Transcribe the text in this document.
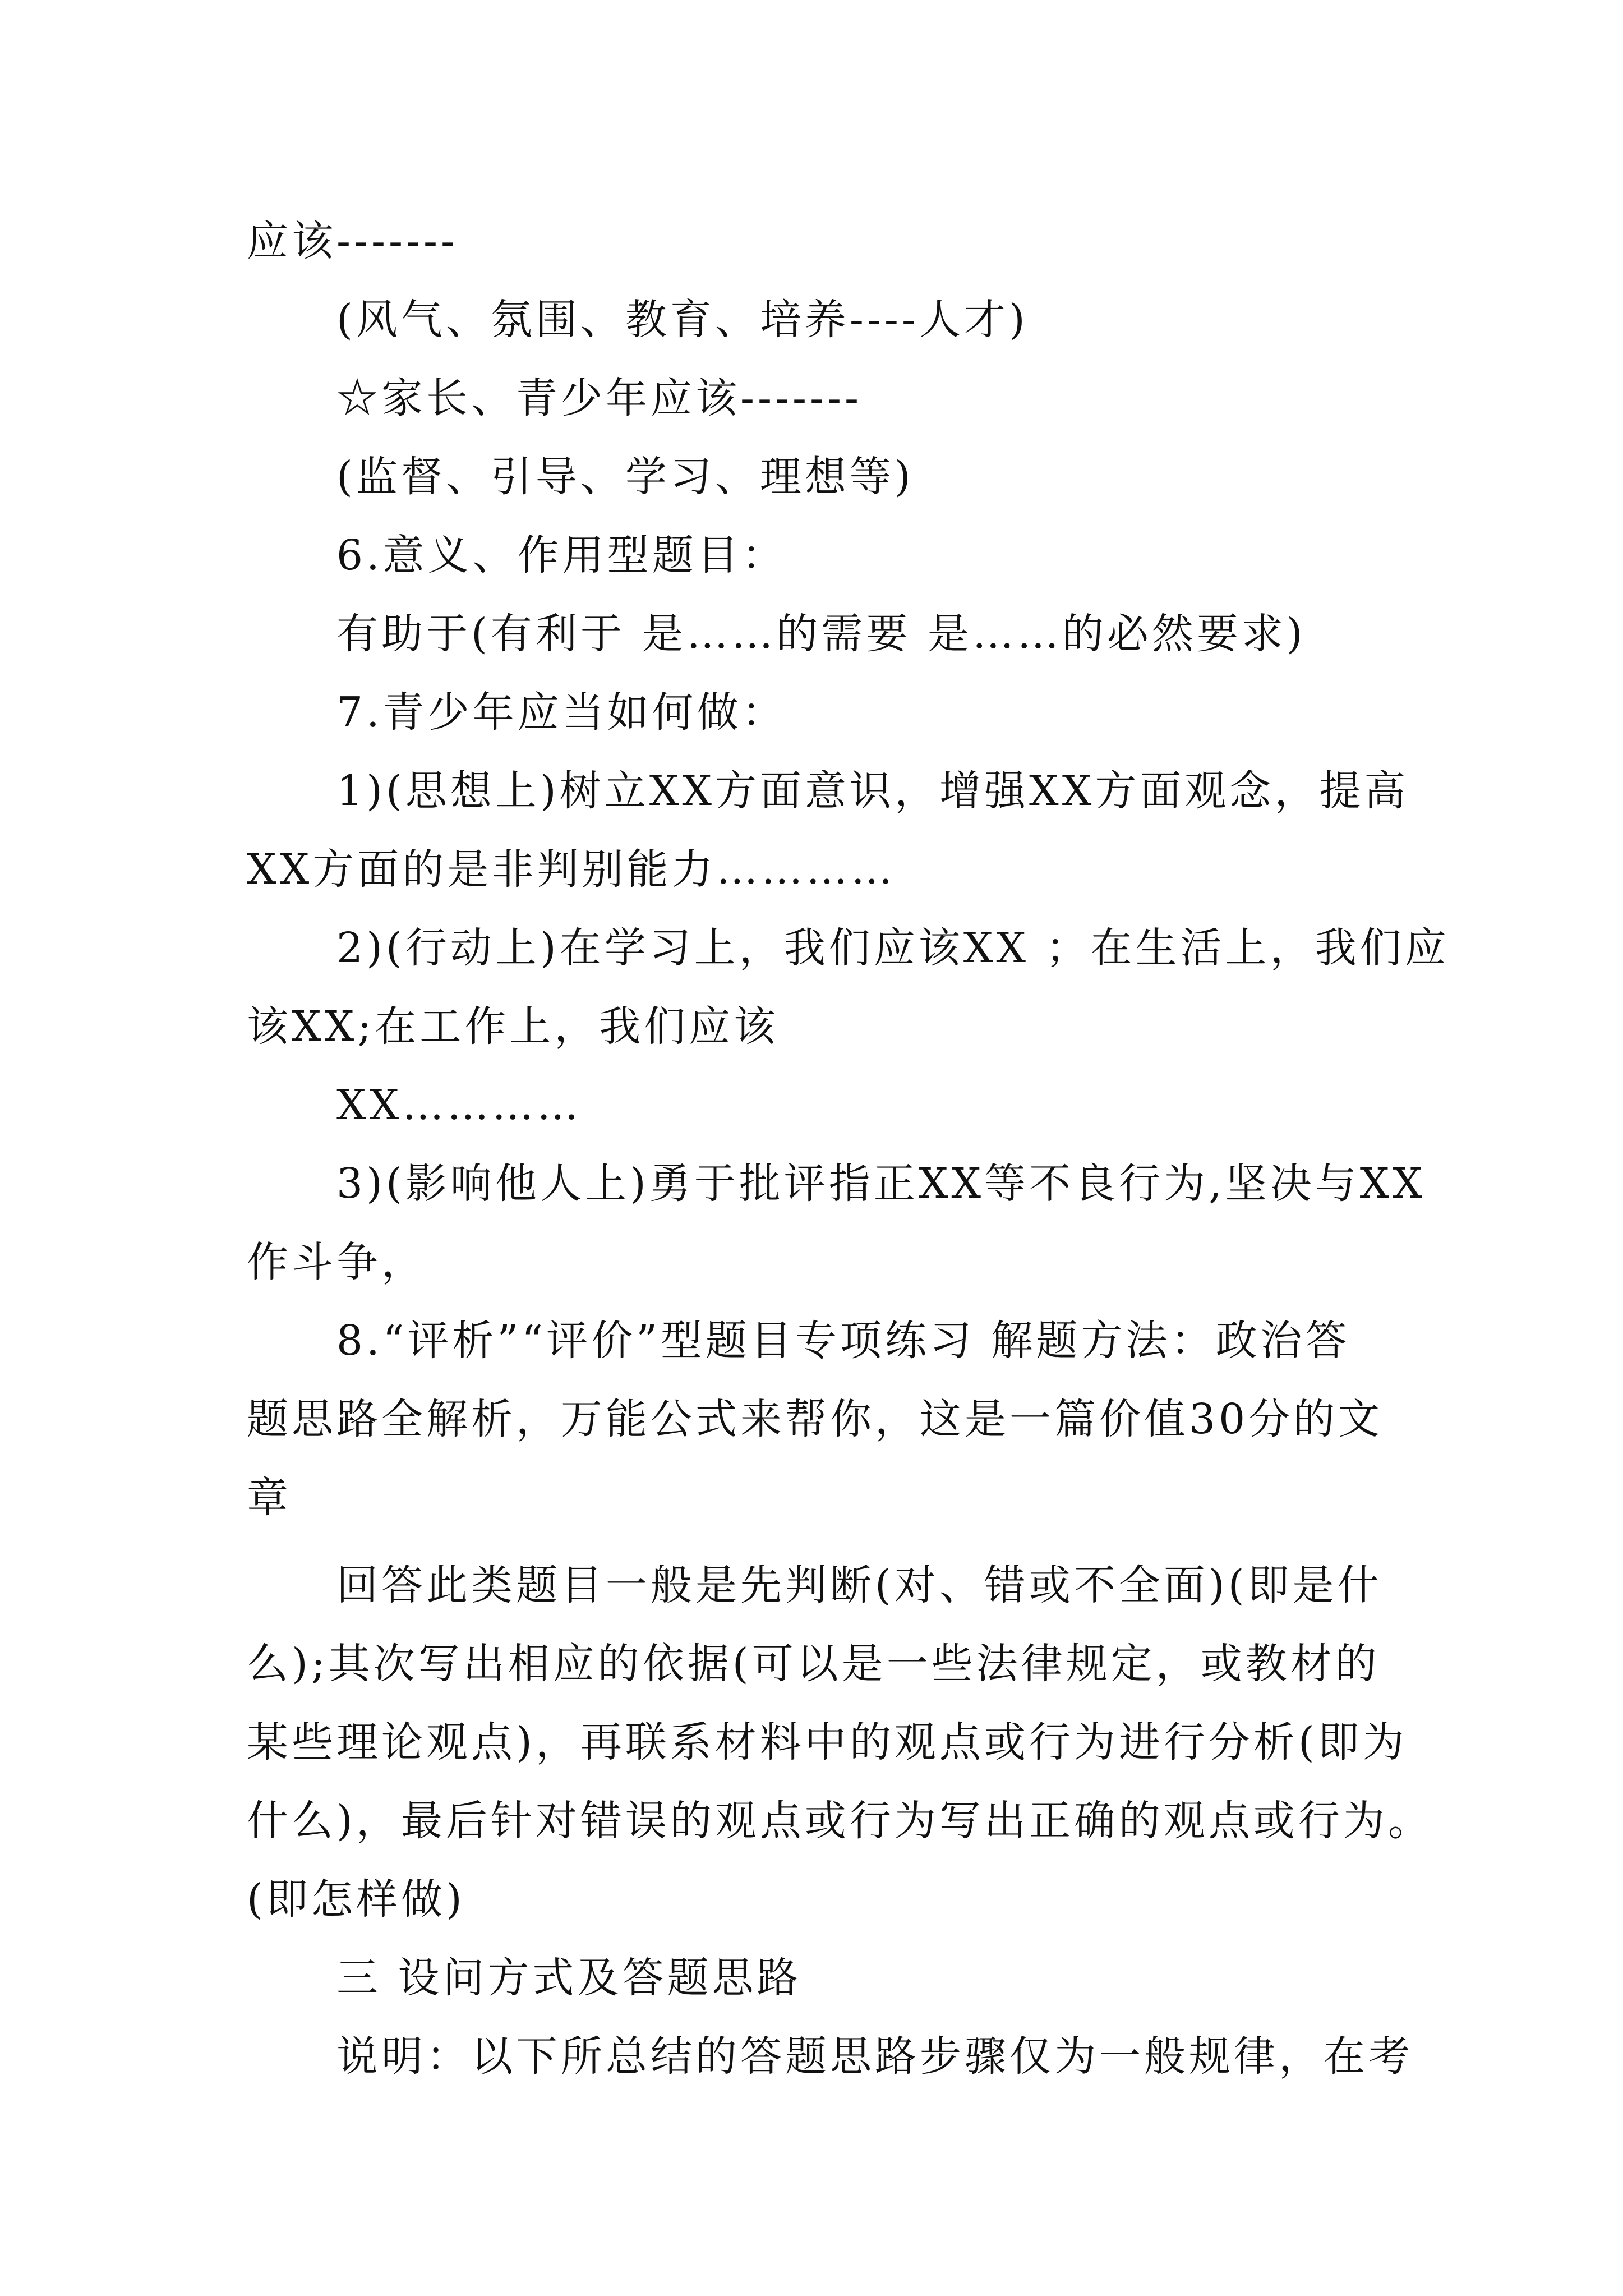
应该-------
(风气、氛围、教育、培养----人才)
☆家长、青少年应该-------
(监督、引导、学习、理想等)
6.意义、作用型题目：
有助于(有利于 是……的需要 是……的必然要求)
7.青少年应当如何做：
1)(思想上)树立XX方面意识，增强XX方面观念，提高
XX方面的是非判别能力…………
2)(行动上)在学习上，我们应该XX ；在生活上，我们应
该XX;在工作上，我们应该
XX…………
3)(影响他人上)勇于批评指正XX等不良行为,坚决与XX
作斗争，
8.“评析”“评价”型题目专项练习 解题方法：政治答
题思路全解析，万能公式来帮你，这是一篇价值30分的文
章
回答此类题目一般是先判断(对、错或不全面)(即是什
么);其次写出相应的依据(可以是一些法律规定，或教材的
某些理论观点)，再联系材料中的观点或行为进行分析(即为
什么)，最后针对错误的观点或行为写出正确的观点或行为。
(即怎样做)
三 设问方式及答题思路
说明：以下所总结的答题思路步骤仅为一般规律，在考
